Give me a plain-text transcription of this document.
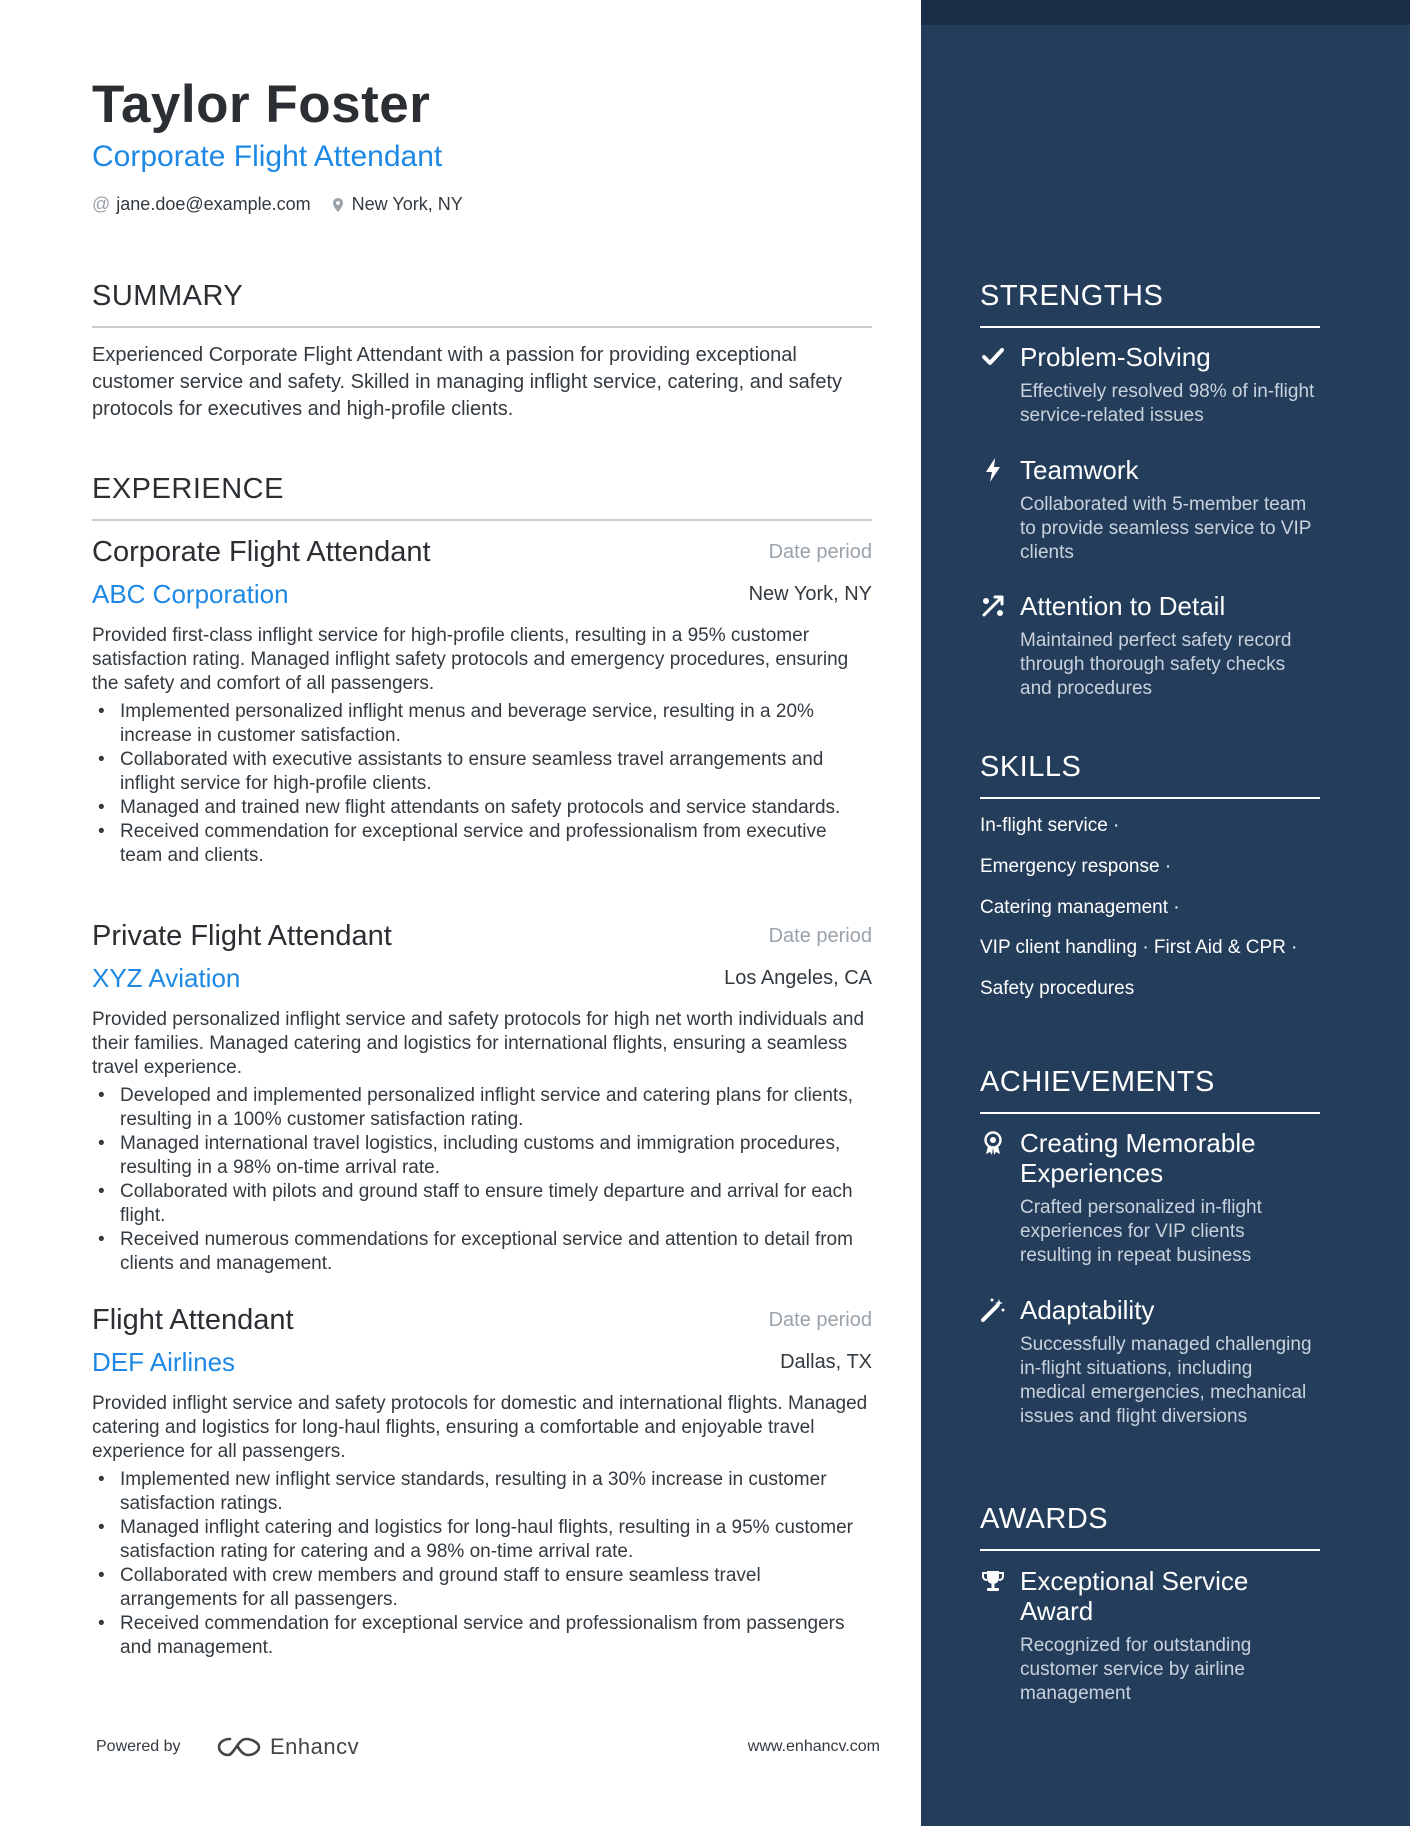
Taylor Foster
Corporate Flight Attendant
@ jane.doe@example.com New York, NY
SUMMARY
Experienced Corporate Flight Attendant with a passion for providing exceptional customer service and safety. Skilled in managing inflight service, catering, and safety protocols for executives and high-profile clients.
EXPERIENCE
Corporate Flight Attendant	Date period
ABC Corporation	New York, NY
Provided first-class inflight service for high-profile clients, resulting in a 95% customer satisfaction rating. Managed inflight safety protocols and emergency procedures, ensuring the safety and comfort of all passengers.
• Implemented personalized inflight menus and beverage service, resulting in a 20% increase in customer satisfaction.
• Collaborated with executive assistants to ensure seamless travel arrangements and inflight service for high-profile clients.
• Managed and trained new flight attendants on safety protocols and service standards.
• Received commendation for exceptional service and professionalism from executive team and clients.
Private Flight Attendant	Date period
XYZ Aviation	Los Angeles, CA
Provided personalized inflight service and safety protocols for high net worth individuals and their families. Managed catering and logistics for international flights, ensuring a seamless travel experience.
• Developed and implemented personalized inflight service and catering plans for clients, resulting in a 100% customer satisfaction rating.
• Managed international travel logistics, including customs and immigration procedures, resulting in a 98% on-time arrival rate.
• Collaborated with pilots and ground staff to ensure timely departure and arrival for each flight.
• Received numerous commendations for exceptional service and attention to detail from clients and management.
Flight Attendant	Date period
DEF Airlines	Dallas, TX
Provided inflight service and safety protocols for domestic and international flights. Managed catering and logistics for long-haul flights, ensuring a comfortable and enjoyable travel experience for all passengers.
• Implemented new inflight service standards, resulting in a 30% increase in customer satisfaction ratings.
• Managed inflight catering and logistics for long-haul flights, resulting in a 95% customer satisfaction rating for catering and a 98% on-time arrival rate.
• Collaborated with crew members and ground staff to ensure seamless travel arrangements for all passengers.
• Received commendation for exceptional service and professionalism from passengers and management.
Powered by	Enhancv	www.enhancv.com
STRENGTHS
Problem-Solving
Effectively resolved 98% of in-flight service-related issues
Teamwork
Collaborated with 5-member team to provide seamless service to VIP clients
Attention to Detail
Maintained perfect safety record through thorough safety checks and procedures
SKILLS
In-flight service ·
Emergency response ·
Catering management ·
VIP client handling · First Aid & CPR ·
Safety procedures
ACHIEVEMENTS
Creating Memorable Experiences
Crafted personalized in-flight experiences for VIP clients resulting in repeat business
Adaptability
Successfully managed challenging in-flight situations, including medical emergencies, mechanical issues and flight diversions
AWARDS
Exceptional Service Award
Recognized for outstanding customer service by airline management
